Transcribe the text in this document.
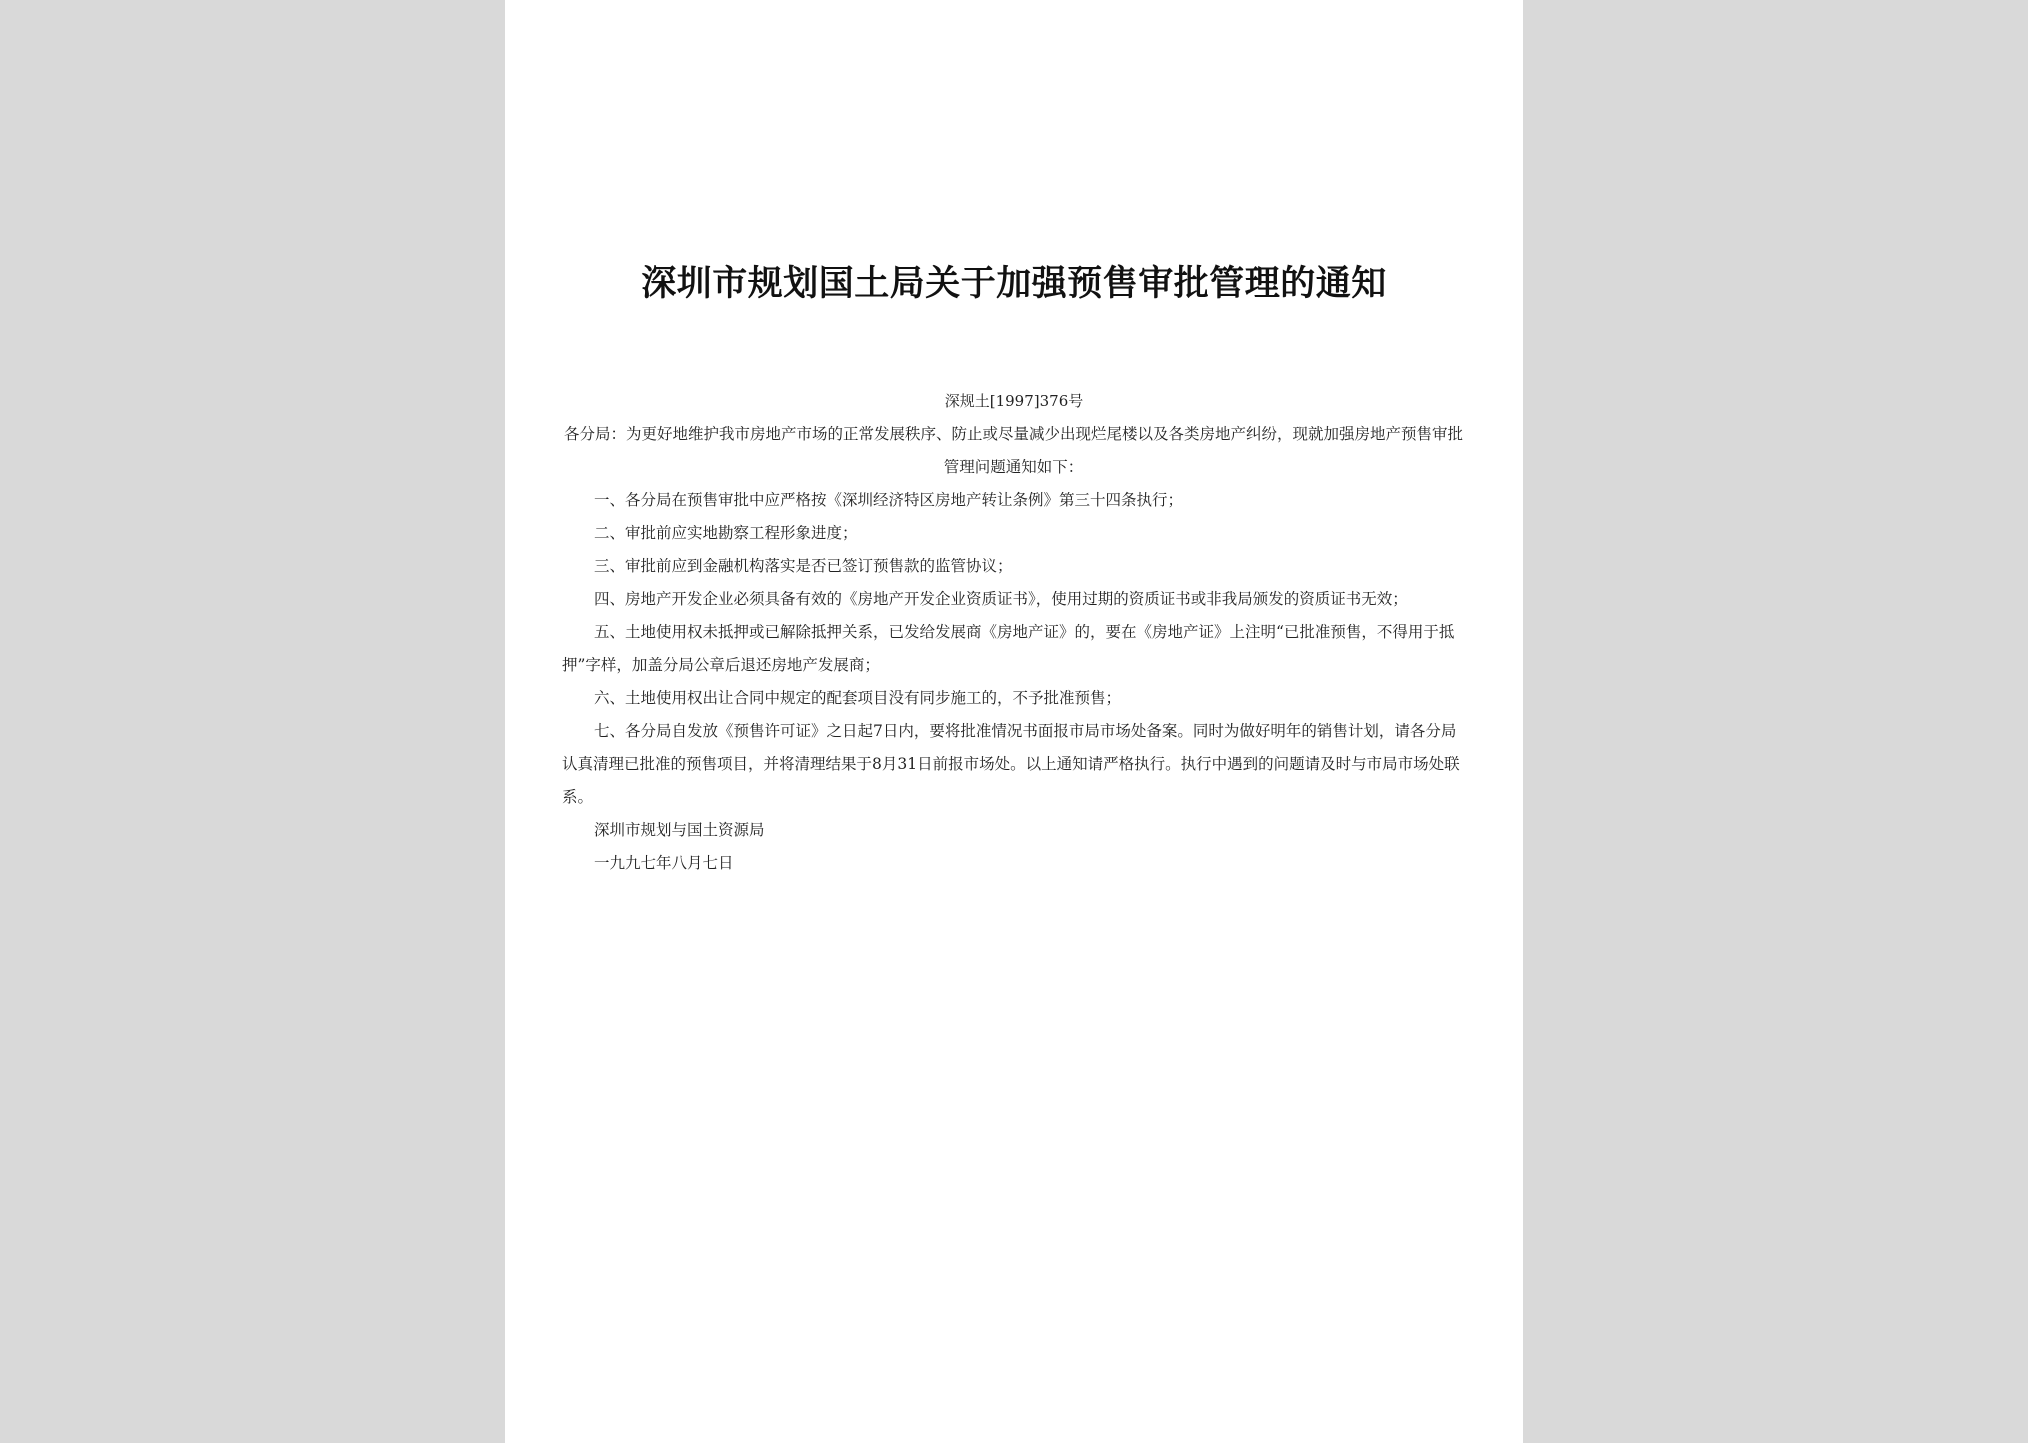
深圳市规划国土局关于加强预售审批管理的通知
深规土[1997]376号

各分局：为更好地维护我市房地产市场的正常发展秩序、防止或尽量减少出现烂尾楼以及各类房地产纠纷，现就加强房地产预售审批管理问题通知如下：

一、各分局在预售审批中应严格按《深圳经济特区房地产转让条例》第三十四条执行；

二、审批前应实地勘察工程形象进度；

三、审批前应到金融机构落实是否已签订预售款的监管协议；

四、房地产开发企业必须具备有效的《房地产开发企业资质证书》，使用过期的资质证书或非我局颁发的资质证书无效；

五、土地使用权未抵押或已解除抵押关系，已发给发展商《房地产证》的，要在《房地产证》上注明“已批准预售，不得用于抵押”字样，加盖分局公章后退还房地产发展商；

六、土地使用权出让合同中规定的配套项目没有同步施工的，不予批准预售；

七、各分局自发放《预售许可证》之日起7日内，要将批准情况书面报市局市场处备案。同时为做好明年的销售计划，请各分局认真清理已批准的预售项目，并将清理结果于8月31日前报市场处。以上通知请严格执行。执行中遇到的问题请及时与市局市场处联系。

深圳市规划与国土资源局

一九九七年八月七日
